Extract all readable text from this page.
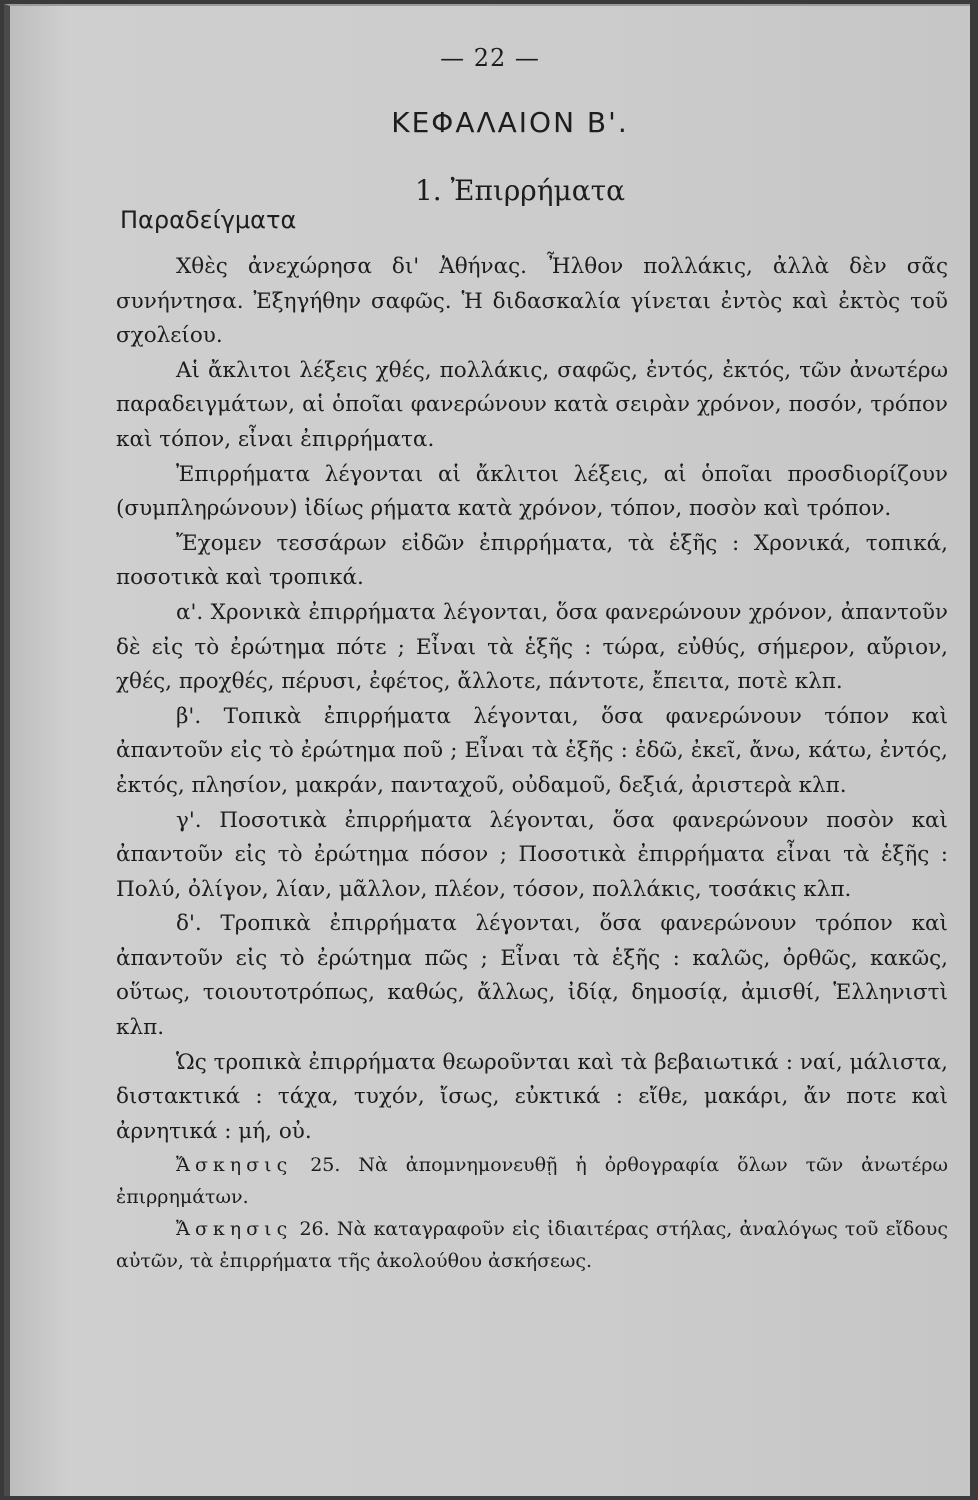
— 22 —
ΚΕΦΑΛΑΙΟΝ Β'.
1. Ἐπιρρήματα
Παραδείγματα

Χθὲς ἀνεχώρησα δι' Ἀθήνας. Ἦλθον πολλάκις, ἀλλὰ δὲν σᾶς συνήντησα. Ἐξηγήθην σαφῶς. Ἡ διδασκαλία γίνεται ἐντὸς καὶ ἐκτὸς τοῦ σχολείου.

Αἱ ἄκλιτοι λέξεις χθές, πολλάκις, σαφῶς, ἐντός, ἐκτός, τῶν ἀνωτέρω παραδειγμάτων, αἱ ὁποῖαι φανερώνουν κατὰ σειρὰν χρόνον, ποσόν, τρόπον καὶ τόπον, εἶναι ἐπιρρήματα.

Ἐπιρρήματα λέγονται αἱ ἄκλιτοι λέξεις, αἱ ὁποῖαι προσδιορίζουν (συμπληρώνουν) ἰδίως ρήματα κατὰ χρόνον, τόπον, ποσὸν καὶ τρόπον.

Ἔχομεν τεσσάρων εἰδῶν ἐπιρρήματα, τὰ ἑξῆς : Χρονικά, τοπικά, ποσοτικὰ καὶ τροπικά.

α'. Χρονικὰ ἐπιρρήματα λέγονται, ὅσα φανερώνουν χρόνον, ἀπαντοῦν δὲ εἰς τὸ ἐρώτημα πότε ; Εἶναι τὰ ἑξῆς : τώρα, εὐθύς, σήμερον, αὔριον, χθές, προχθές, πέρυσι, ἐφέτος, ἄλλοτε, πάντοτε, ἔπειτα, ποτὲ κλπ.

β'. Τοπικὰ ἐπιρρήματα λέγονται, ὅσα φανερώνουν τόπον καὶ ἀπαντοῦν εἰς τὸ ἐρώτημα ποῦ ; Εἶναι τὰ ἑξῆς : ἐδῶ, ἐκεῖ, ἄνω, κάτω, ἐντός, ἐκτός, πλησίον, μακράν, πανταχοῦ, οὐδαμοῦ, δεξιά, ἀριστερὰ κλπ.

γ'. Ποσοτικὰ ἐπιρρήματα λέγονται, ὅσα φανερώνουν ποσὸν καὶ ἀπαντοῦν εἰς τὸ ἐρώτημα πόσον ; Ποσοτικὰ ἐπιρρήματα εἶναι τὰ ἑξῆς : Πολύ, ὀλίγον, λίαν, μᾶλλον, πλέον, τόσον, πολλάκις, τοσάκις κλπ.

δ'. Τροπικὰ ἐπιρρήματα λέγονται, ὅσα φανερώνουν τρόπον καὶ ἀπαντοῦν εἰς τὸ ἐρώτημα πῶς ; Εἶναι τὰ ἑξῆς : καλῶς, ὀρθῶς, κακῶς, οὕτως, τοιουτοτρόπως, καθώς, ἄλλως, ἰδίᾳ, δημοσίᾳ, ἀμισθί, Ἑλληνιστὶ κλπ.

Ὡς τροπικὰ ἐπιρρήματα θεωροῦνται καὶ τὰ βεβαιωτικά : ναί, μάλιστα, διστακτικά : τάχα, τυχόν, ἴσως, εὐκτικά : εἴθε, μακάρι, ἄν ποτε καὶ ἀρνητικά : μή, οὐ.

Ἄσκησις 25. Νὰ ἀπομνημονευθῇ ἡ ὀρθογραφία ὅλων τῶν ἀνωτέρω ἐπιρρημάτων.

Ἄσκησις 26. Νὰ καταγραφοῦν εἰς ἰδιαιτέρας στήλας, ἀναλόγως τοῦ εἴδους αὐτῶν, τὰ ἐπιρρήματα τῆς ἀκολούθου ἀσκήσεως.
